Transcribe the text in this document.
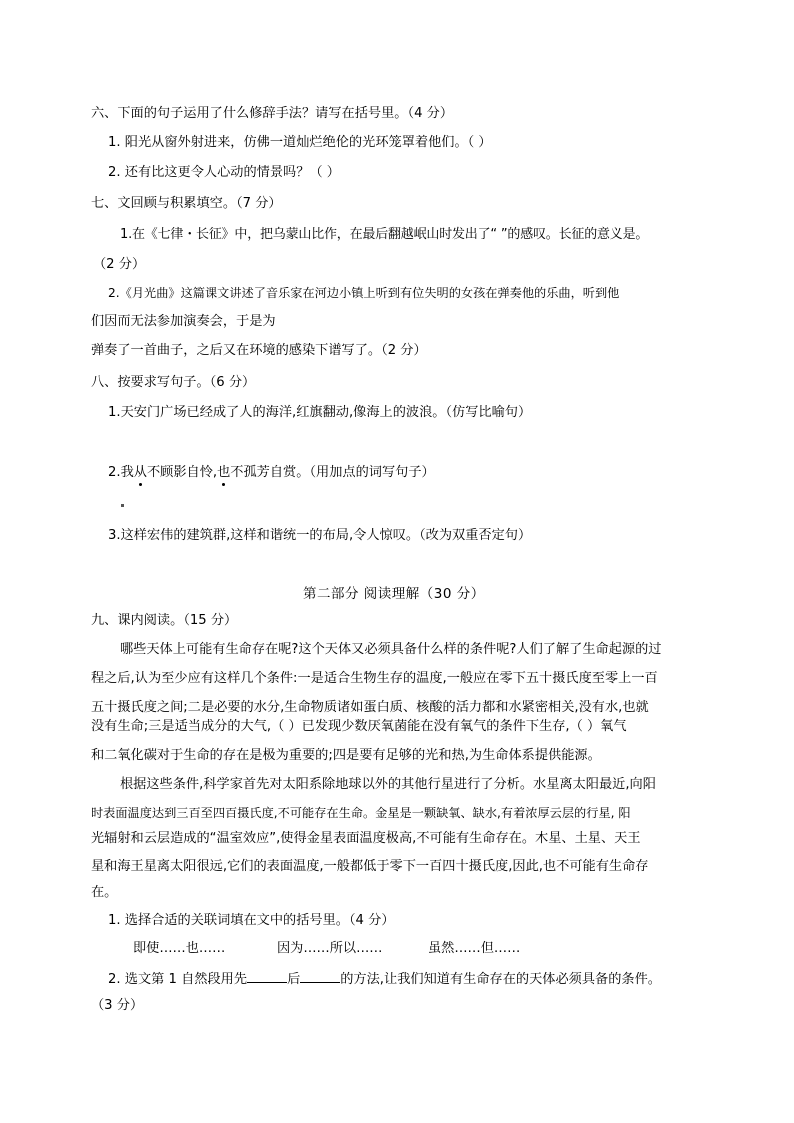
六、下面的句子运用了什么修辞手法？请写在括号里。（4 分）
1. 阳光从窗外射进来，仿佛一道灿烂绝伦的光环笼罩着他们。（ ）
2. 还有比这更令人心动的情景吗？（ ）
七、文回顾与积累填空。（7 分）
1.在《七律・长征》中，把乌蒙山比作，在最后翻越岷山时发出了“ ”的感叹。长征的意义是。
（2 分）
2.《月光曲》这篇课文讲述了音乐家在河边小镇上听到有位失明的女孩在弹奏他的乐曲，听到他
们因而无法参加演奏会，于是为
弹奏了一首曲子，之后又在环境的感染下谱写了。（2 分）
八、按要求写句子。（6 分）
1.天安门广场已经成了人的海洋,红旗翻动,像海上的波浪。（仿写比喻句）
2.我从不顾影自怜,也不孤芳自赏。（用加点的词写句子）
3.这样宏伟的建筑群,这样和谐统一的布局,令人惊叹。（改为双重否定句）
第二部分 阅读理解（30 分）
九、课内阅读。（15 分）
哪些天体上可能有生命存在呢?这个天体又必须具备什么样的条件呢?人们了解了生命起源的过
程之后,认为至少应有这样几个条件:一是适合生物生存的温度,一般应在零下五十摄氏度至零上一百
五十摄氏度之间;二是必要的水分,生命物质诸如蛋白质、核酸的活力都和水紧密相关,没有水,也就
没有生命;三是适当成分的大气,（ ）已发现少数厌氧菌能在没有氧气的条件下生存,（ ）氧气
和二氧化碳对于生命的存在是极为重要的;四是要有足够的光和热,为生命体系提供能源。
根据这些条件,科学家首先对太阳系除地球以外的其他行星进行了分析。水星离太阳最近,向阳
时表面温度达到三百至四百摄氏度,不可能存在生命。金星是一颗缺氧、缺水,有着浓厚云层的行星, 阳
光辐射和云层造成的“温室效应”,使得金星表面温度极高,不可能有生命存在。木星、土星、天王
星和海王星离太阳很远,它们的表面温度,一般都低于零下一百四十摄氏度,因此,也不可能有生命存
在。
1. 选择合适的关联词填在文中的括号里。（4 分）
即使……也……	因为……所以……	虽然……但……
2. 选文第 1 自然段用先	后	的方法,让我们知道有生命存在的天体必须具备的条件。
（3 分）
